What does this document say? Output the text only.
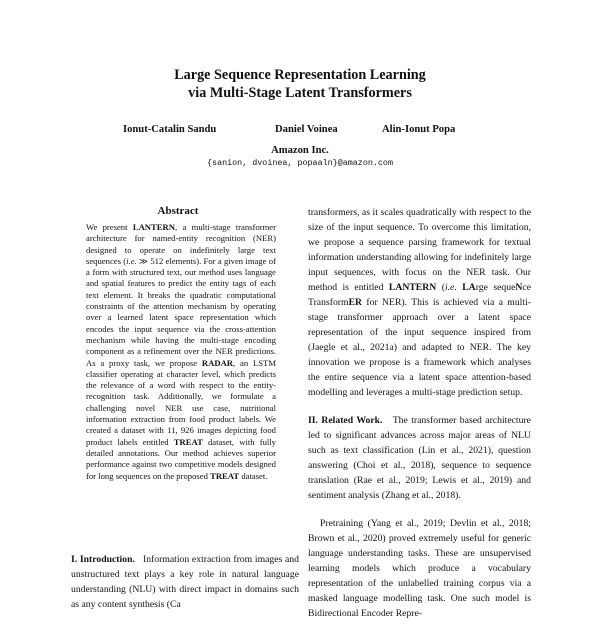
Large Sequence Representation Learning
via Multi-Stage Latent Transformers
Ionut-Catalin Sandu	Daniel Voinea	Alin-Ionut Popa
Amazon Inc.
{sanion, dvoinea, popaaln}@amazon.com
Abstract

We present LANTERN, a multi-stage transformer architecture for named-entity recognition (NER) designed to operate on indefinitely large text sequences (i.e. ≫ 512 elements). For a given image of a form with structured text, our method uses language and spatial features to predict the entity tags of each text element. It breaks the quadratic computational constraints of the attention mechanism by operating over a learned latent space representation which encodes the input sequence via the cross-attention mechanism while having the multi-stage encoding component as a refinement over the NER predictions. As a proxy task, we propose RADAR, an LSTM classifier operating at character level, which predicts the relevance of a word with respect to the entity-recognition task. Additionally, we formulate a challenging novel NER use case, nutritional information extraction from food product labels. We created a dataset with 11, 926 images depicting food product labels entitled TREAT dataset, with fully detailed annotations. Our method achieves superior performance against two competitive models designed for long sequences on the proposed TREAT dataset.

I. Introduction. Information extraction from images and unstructured text plays a key role in natural language understanding (NLU) with direct impact in domains such as any content synthesis (Ca

transformers, as it scales quadratically with respect to the size of the input sequence. To overcome this limitation, we propose a sequence parsing framework for textual information understanding allowing for indefinitely large input sequences, with focus on the NER task. Our method is entitled LANTERN (i.e. LArge sequeNce TransformER for NER). This is achieved via a multi-stage transformer approach over a latent space representation of the input sequence inspired from (Jaegle et al., 2021a) and adapted to NER. The key innovation we propose is a framework which analyses the entire sequence via a latent space attention-based modelling and leverages a multi-stage prediction setup.

II. Related Work. The transformer based architecture led to significant advances across major areas of NLU such as text classification (Lin et al., 2021), question answering (Choi et al., 2018), sequence to sequence translation (Rae et al., 2019; Lewis et al., 2019) and sentiment analysis (Zhang et al., 2018).

Pretraining (Yang et al., 2019; Devlin et al., 2018; Brown et al., 2020) proved extremely useful for generic language understanding tasks. These are unsupervised learning models which produce a vocabulary representation of the unlabelled training corpus via a masked language modelling task. One such model is Bidirectional Encoder Repre-
